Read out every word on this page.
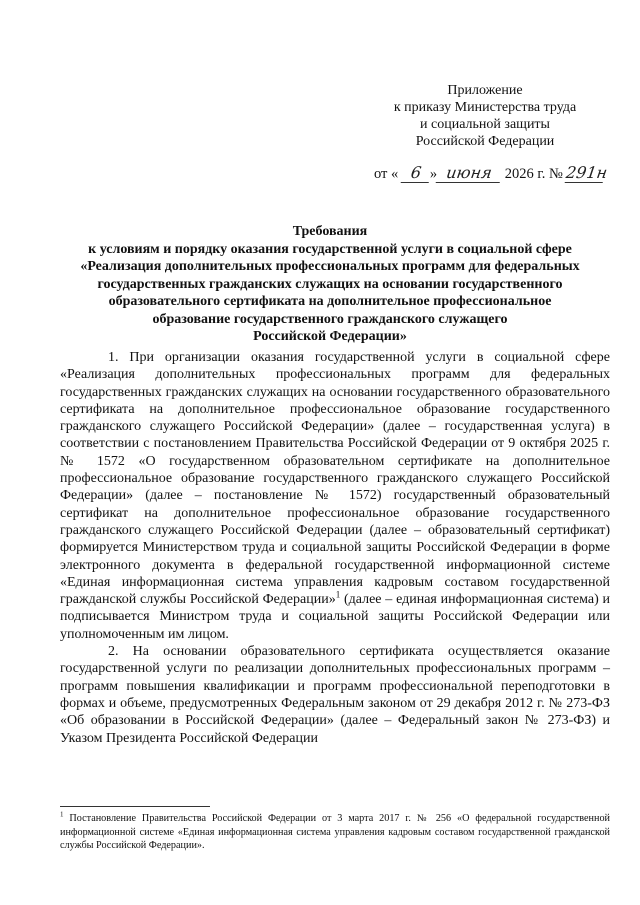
Приложение
к приказу Министерства труда
и социальной защиты
Российской Федерации
от « 6 » июня 2026 г. № 291н
Требования
к условиям и порядку оказания государственной услуги в социальной сфере
«Реализация дополнительных профессиональных программ для федеральных
государственных гражданских служащих на основании государственного
образовательного сертификата на дополнительное профессиональное
образование государственного гражданского служащего
Российской Федерации»

1. При организации оказания государственной услуги в социальной сфере «Реализация дополнительных профессиональных программ для федеральных государственных гражданских служащих на основании государственного образовательного сертификата на дополнительное профессиональное образование государственного гражданского служащего Российской Федерации» (далее – государственная услуга) в соответствии с постановлением Правительства Российской Федерации от 9 октября 2025 г. № 1572 «О государственном образовательном сертификате на дополнительное профессиональное образование государственного гражданского служащего Российской Федерации» (далее – постановление № 1572) государственный образовательный сертификат на дополнительное профессиональное образование государственного гражданского служащего Российской Федерации (далее – образовательный сертификат) формируется Министерством труда и социальной защиты Российской Федерации в форме электронного документа в федеральной государственной информационной системе «Единая информационная система управления кадровым составом государственной гражданской службы Российской Федерации»$^1$ (далее – единая информационная система) и подписывается Министром труда и социальной защиты Российской Федерации или уполномоченным им лицом.

2. На основании образовательного сертификата осуществляется оказание государственной услуги по реализации дополнительных профессиональных программ – программ повышения квалификации и программ профессиональной переподготовки в формах и объеме, предусмотренных Федеральным законом от 29 декабря 2012 г. № 273-ФЗ «Об образовании в Российской Федерации» (далее – Федеральный закон № 273-ФЗ) и Указом Президента Российской Федерации

$^1$ Постановление Правительства Российской Федерации от 3 марта 2017 г. № 256 «О федеральной государственной информационной системе «Единая информационная система управления кадровым составом государственной гражданской службы Российской Федерации».
